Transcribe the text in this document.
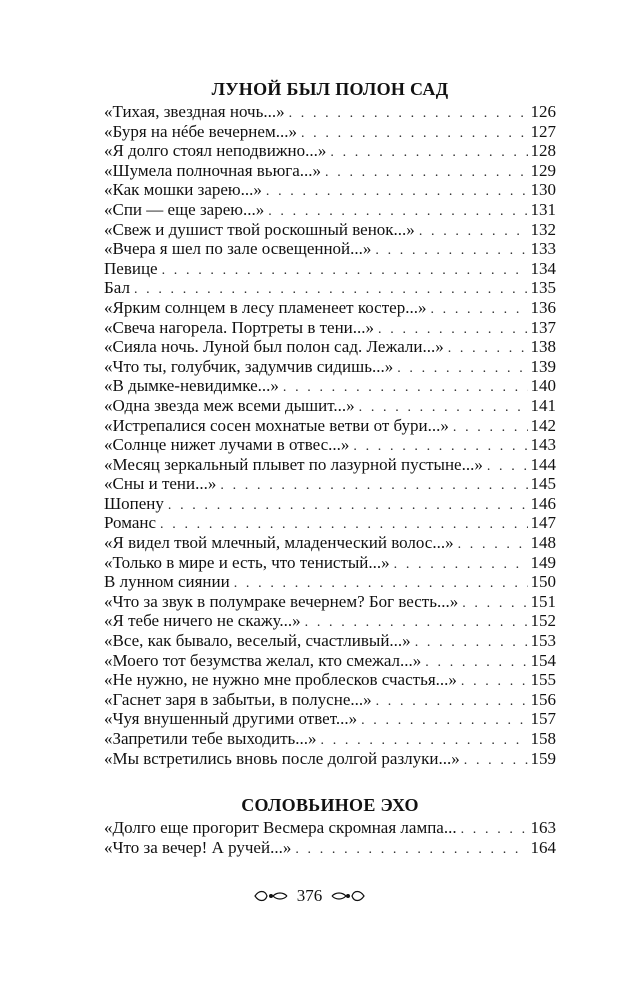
ЛУНОЙ БЫЛ ПОЛОН САД
«Тихая, звездная ночь...» . . .	126
«Буря на нéбе вечернем...» . . .	127
«Я долго стоял неподвижно...» . . .	128
«Шумела полночная вьюга...» . . .	129
«Как мошки зарею...» . . .	130
«Спи — еще зарею...» . . .	131
«Свеж и душист твой роскошный венок...» . . .	132
«Вчера я шел по зале освещенной...» . . .	133
Певице . . .	134
Бал . . .	135
«Ярким солнцем в лесу пламенеет костер...» . . .	136
«Свеча нагорела. Портреты в тени...» . . .	137
«Сияла ночь. Луной был полон сад. Лежали...» . . .	138
«Что ты, голубчик, задумчив сидишь...» . . .	139
«В дымке-невидимке...» . . .	140
«Одна звезда меж всеми дышит...» . . .	141
«Истрепалися сосен мохнатые ветви от бури...» . . .	142
«Солнце нижет лучами в отвес...» . . .	143
«Месяц зеркальный плывет по лазурной пустыне...» . . .	144
«Сны и тени...» . . .	145
Шопену . . .	146
Романс . . .	147
«Я видел твой млечный, младенческий волос...» . . .	148
«Только в мире и есть, что тенистый...» . . .	149
В лунном сиянии . . .	150
«Что за звук в полумраке вечернем? Бог весть...» . . .	151
«Я тебе ничего не скажу...» . . .	152
«Все, как бывало, веселый, счастливый...» . . .	153
«Моего тот безумства желал, кто смежал...» . . .	154
«Не нужно, не нужно мне проблесков счастья...» . . .	155
«Гаснет заря в забытьи, в полусне...» . . .	156
«Чуя внушенный другими ответ...» . . .	157
«Запретили тебе выходить...» . . .	158
«Мы встретились вновь после долгой разлуки...» . . .	159
СОЛОВЬИНОЕ ЭХО
«Долго еще прогорит Весмера скромная лампа... . . .	163
«Что за вечер! А ручей...» . . .	164
376
